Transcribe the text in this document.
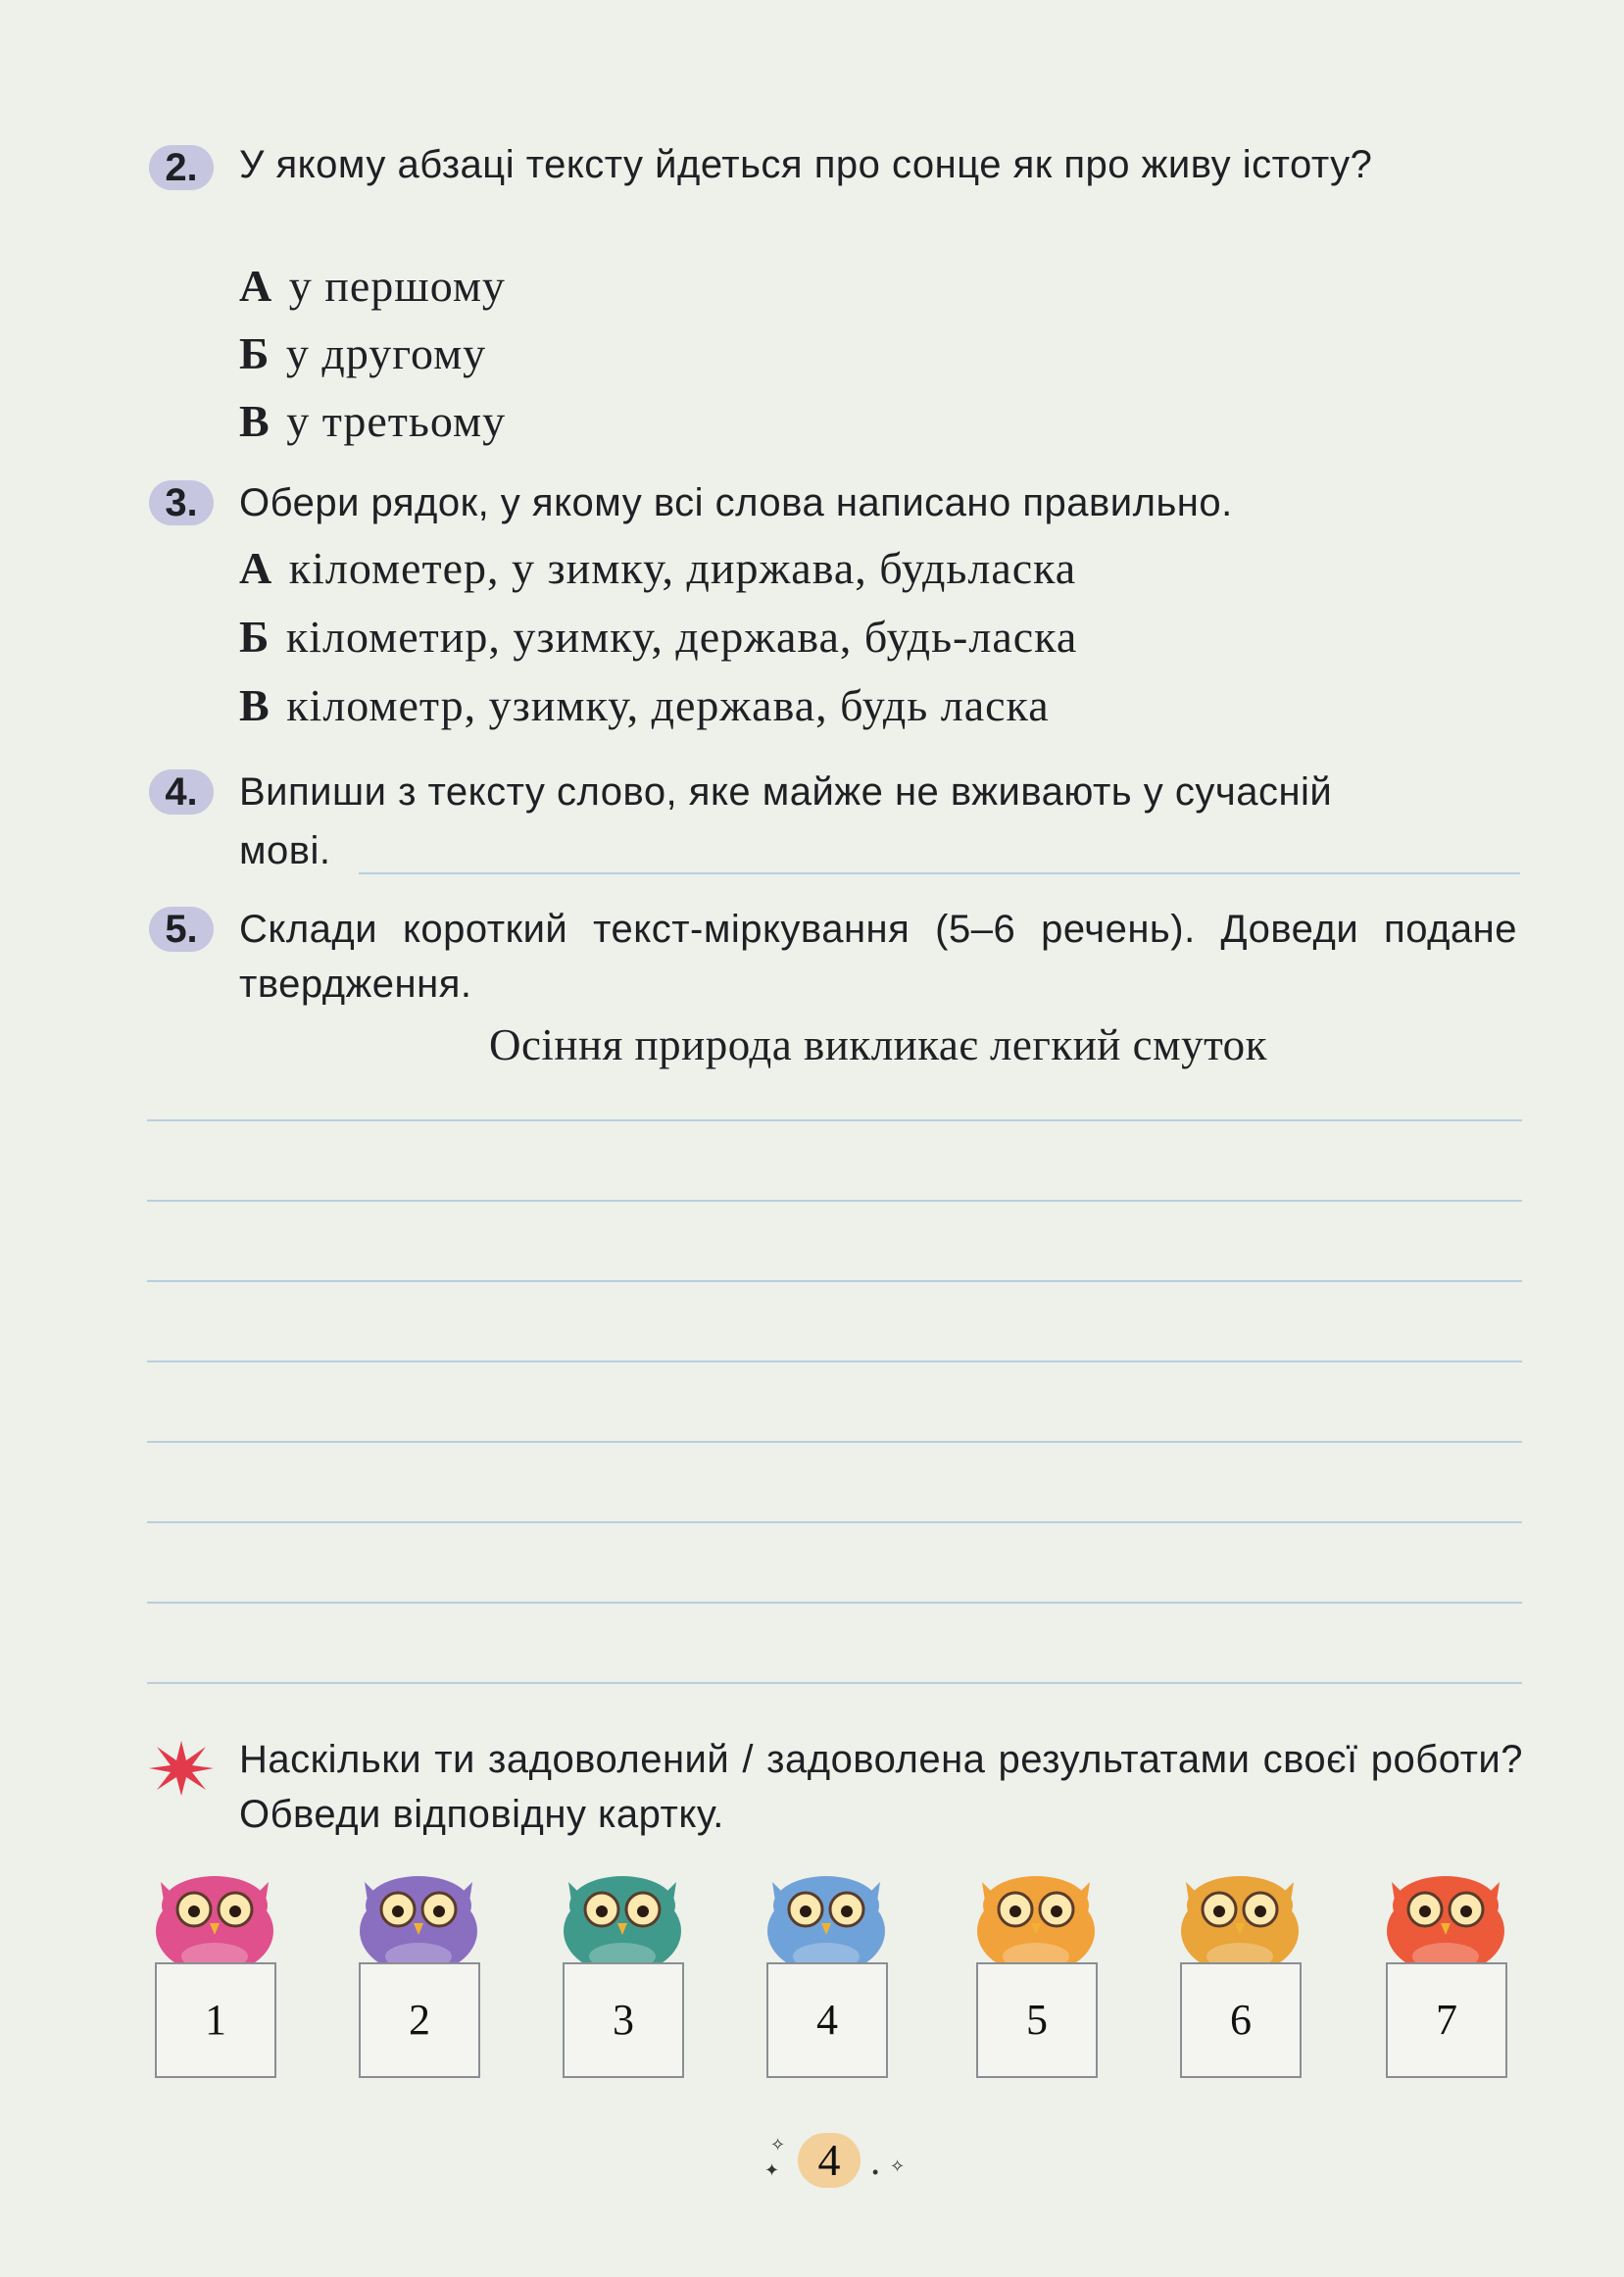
2.	У якому абзаці тексту йдеться про сонце як про живу істоту?
А у першому
Б у другому
В у третьому
3.	Обери рядок, у якому всі слова написано правильно.
А кілометер, у зимку, диржава, будьласка
Б кілометир, узимку, держава, будь-ласка
В кілометр, узимку, держава, будь ласка
4.	Випиши з тексту слово, яке майже не вживають у сучасній
мові.
5.	Склади короткий текст-міркування (5–6 речень). Доведи подане твердження.
Осіння природа викликає легкий смуток
Наскільки ти задоволений / задоволена результатами своєї роботи? Обведи відповідну картку.
1	2	3	4	5	6	7
✧
✦ 4	• ✧
